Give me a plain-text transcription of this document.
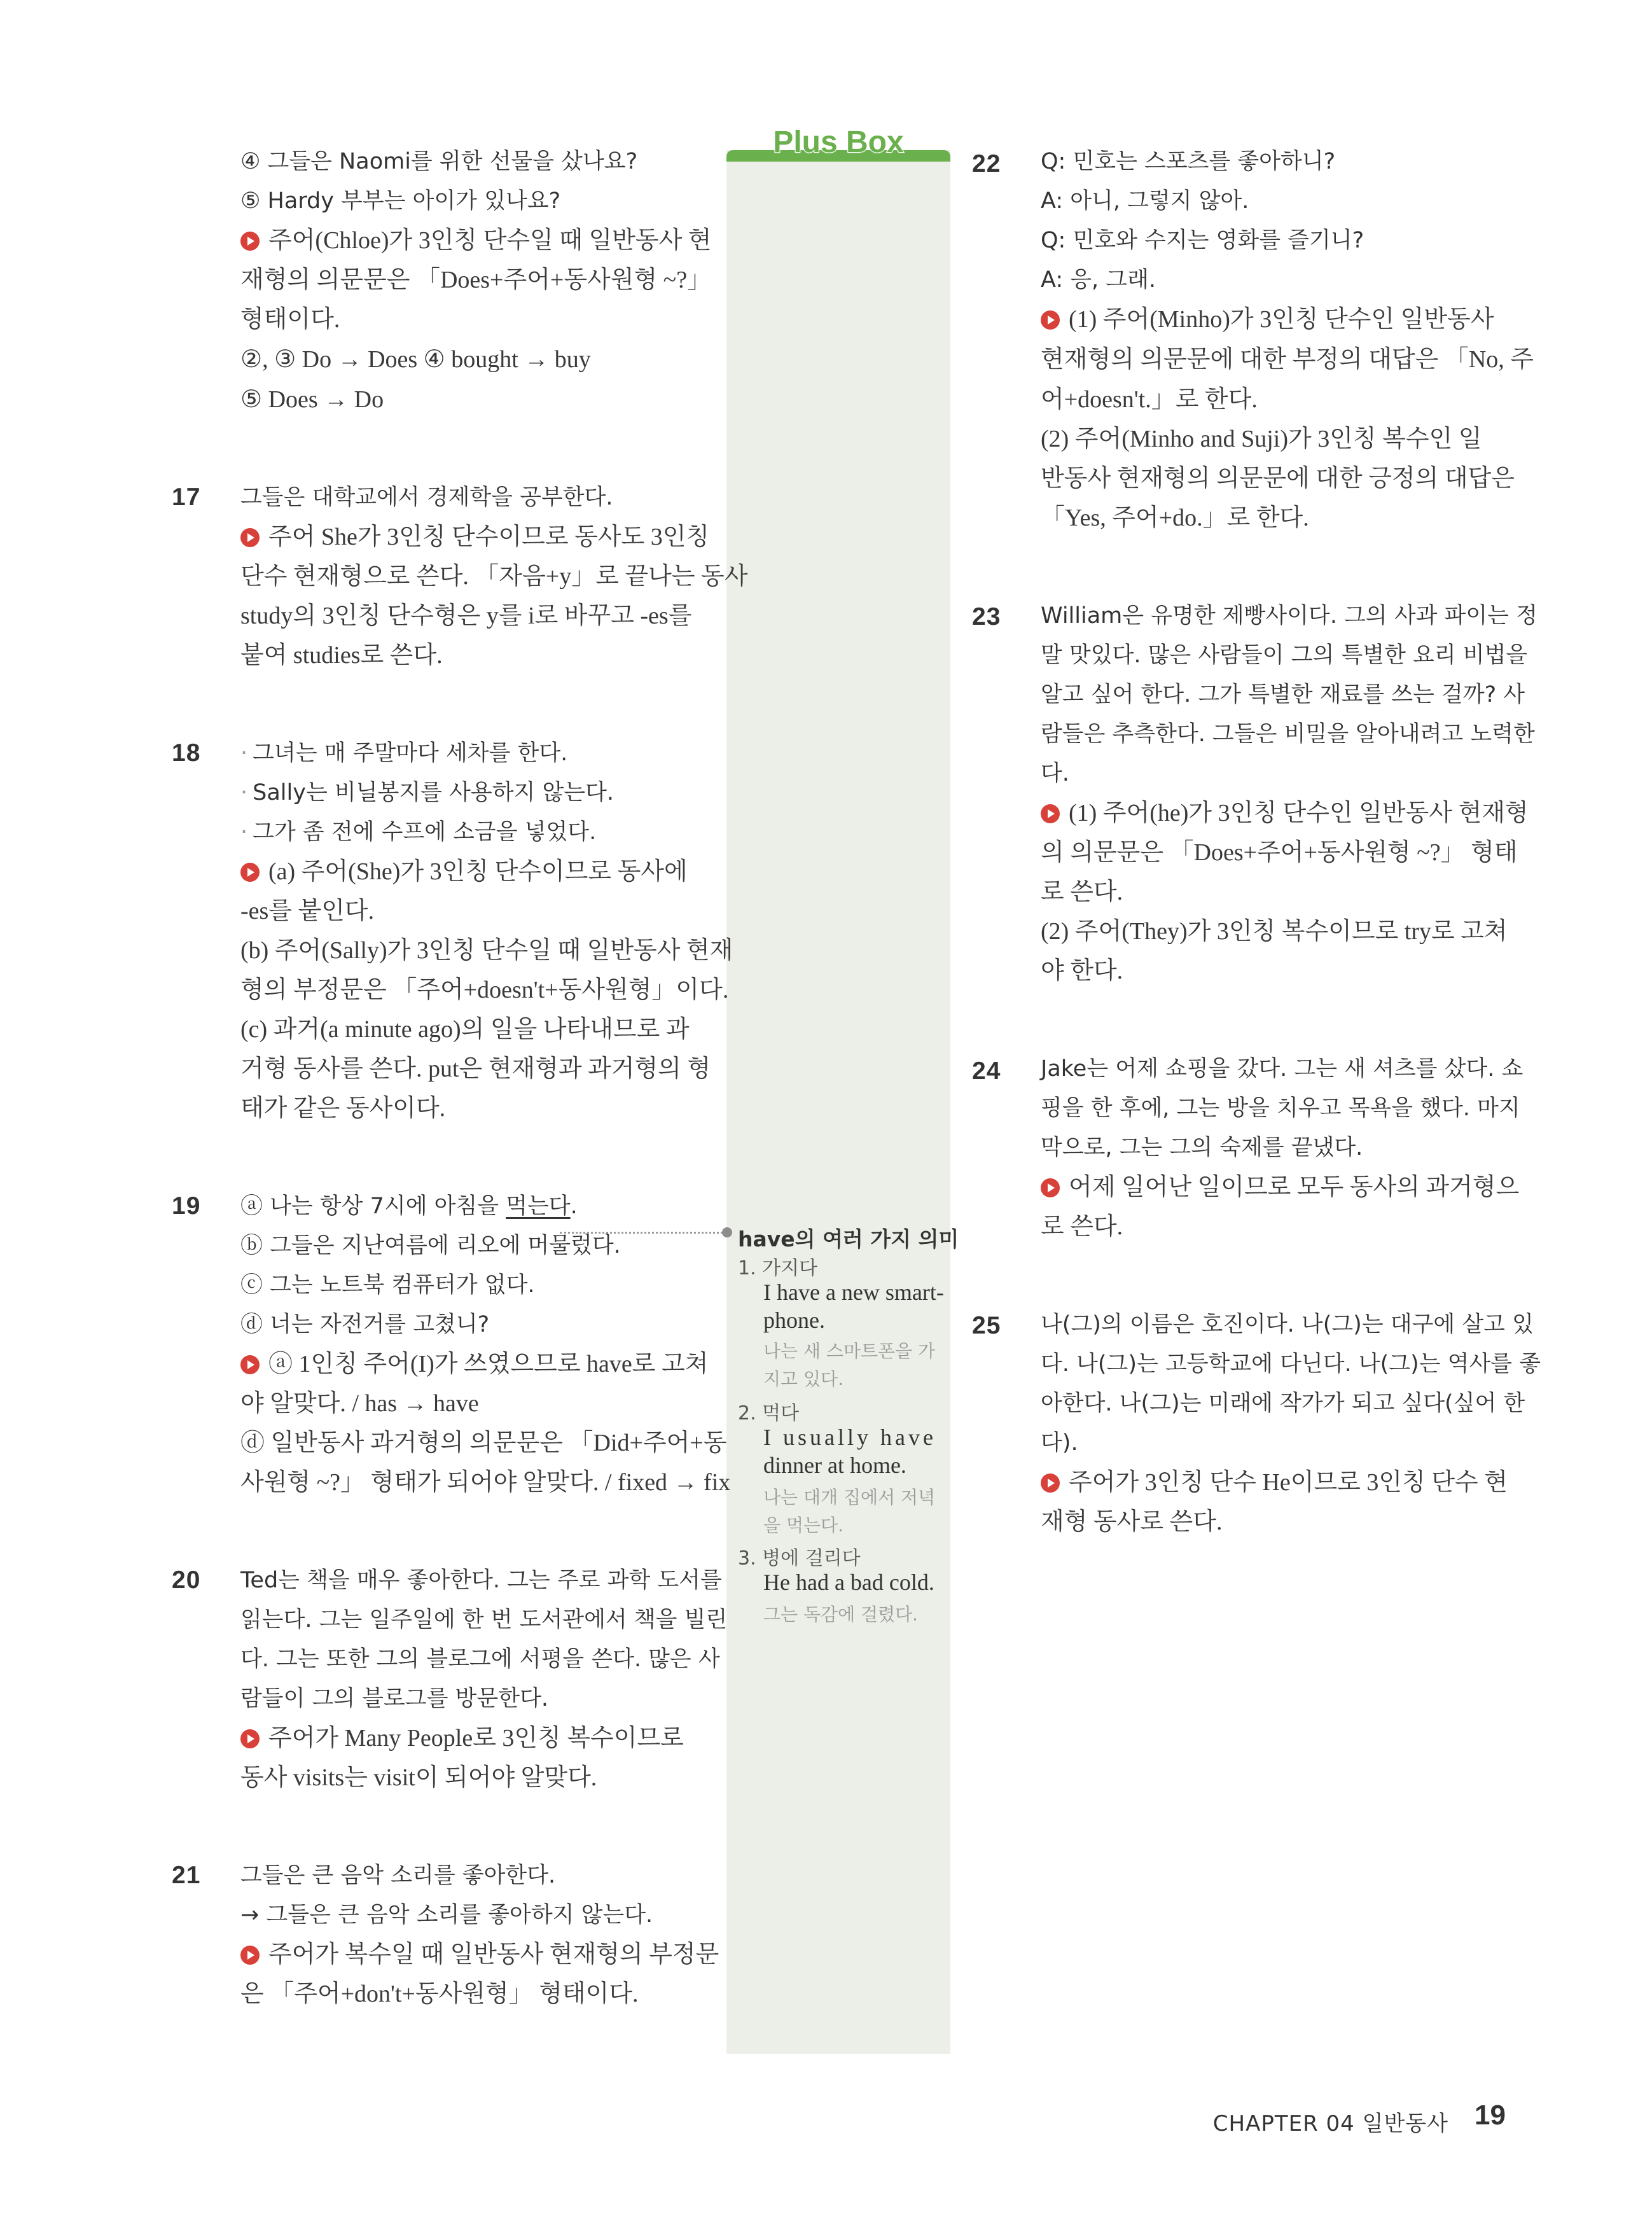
have의 여러 가지 의미
1. 가지다
I have a new smart-
phone.
나는 새 스마트폰을 가
지고 있다.
2. 먹다
I usually have
dinner at home.
나는 대개 집에서 저녁
을 먹는다.
3. 병에 걸리다
He had a bad cold.
그는 독감에 걸렸다.
Plus Box
④ 그들은 Naomi를 위한 선물을 샀나요?
⑤ Hardy 부부는 아이가 있나요?
주어(Chloe)가 3인칭 단수일 때 일반동사 현
재형의 의문문은 「Does+주어+동사원형 ~?」
형태이다.
②, ③ Do → Does ④ bought → buy
⑤ Does → Do
17 그들은 대학교에서 경제학을 공부한다.
주어 She가 3인칭 단수이므로 동사도 3인칭
단수 현재형으로 쓴다. 「자음+y」로 끝나는 동사
study의 3인칭 단수형은 y를 i로 바꾸고 -es를
붙여 studies로 쓴다.
18 · 그녀는 매 주말마다 세차를 한다.
· Sally는 비닐봉지를 사용하지 않는다.
· 그가 좀 전에 수프에 소금을 넣었다.
(a) 주어(She)가 3인칭 단수이므로 동사에
-es를 붙인다.
(b) 주어(Sally)가 3인칭 단수일 때 일반동사 현재
형의 부정문은 「주어+doesn't+동사원형」이다.
(c) 과거(a minute ago)의 일을 나타내므로 과
거형 동사를 쓴다. put은 현재형과 과거형의 형
태가 같은 동사이다.
19 ⓐ 나는 항상 7시에 아침을 먹는다.
ⓑ 그들은 지난여름에 리오에 머물렀다.
ⓒ 그는 노트북 컴퓨터가 없다.
ⓓ 너는 자전거를 고쳤니?
ⓐ 1인칭 주어(I)가 쓰였으므로 have로 고쳐
야 알맞다. / has → have
ⓓ 일반동사 과거형의 의문문은 「Did+주어+동
사원형 ~?」 형태가 되어야 알맞다. / fixed → fix
20 Ted는 책을 매우 좋아한다. 그는 주로 과학 도서를
읽는다. 그는 일주일에 한 번 도서관에서 책을 빌린
다. 그는 또한 그의 블로그에 서평을 쓴다. 많은 사
람들이 그의 블로그를 방문한다.
주어가 Many People로 3인칭 복수이므로
동사 visits는 visit이 되어야 알맞다.
21 그들은 큰 음악 소리를 좋아한다.
→ 그들은 큰 음악 소리를 좋아하지 않는다.
주어가 복수일 때 일반동사 현재형의 부정문
은 「주어+don't+동사원형」 형태이다.
22 Q: 민호는 스포츠를 좋아하니?
A: 아니, 그렇지 않아.
Q: 민호와 수지는 영화를 즐기니?
A: 응, 그래.
(1) 주어(Minho)가 3인칭 단수인 일반동사
현재형의 의문문에 대한 부정의 대답은 「No, 주
어+doesn't.」로 한다.
(2) 주어(Minho and Suji)가 3인칭 복수인 일
반동사 현재형의 의문문에 대한 긍정의 대답은
「Yes, 주어+do.」로 한다.
23 William은 유명한 제빵사이다. 그의 사과 파이는 정
말 맛있다. 많은 사람들이 그의 특별한 요리 비법을
알고 싶어 한다. 그가 특별한 재료를 쓰는 걸까? 사
람들은 추측한다. 그들은 비밀을 알아내려고 노력한
다.
(1) 주어(he)가 3인칭 단수인 일반동사 현재형
의 의문문은 「Does+주어+동사원형 ~?」 형태
로 쓴다.
(2) 주어(They)가 3인칭 복수이므로 try로 고쳐
야 한다.
24 Jake는 어제 쇼핑을 갔다. 그는 새 셔츠를 샀다. 쇼
핑을 한 후에, 그는 방을 치우고 목욕을 했다. 마지
막으로, 그는 그의 숙제를 끝냈다.
어제 일어난 일이므로 모두 동사의 과거형으
로 쓴다.
25 나(그)의 이름은 호진이다. 나(그)는 대구에 살고 있
다. 나(그)는 고등학교에 다닌다. 나(그)는 역사를 좋
아한다. 나(그)는 미래에 작가가 되고 싶다(싶어 한
다).
주어가 3인칭 단수 He이므로 3인칭 단수 현
재형 동사로 쓴다.
CHAPTER 04 일반동사 19
